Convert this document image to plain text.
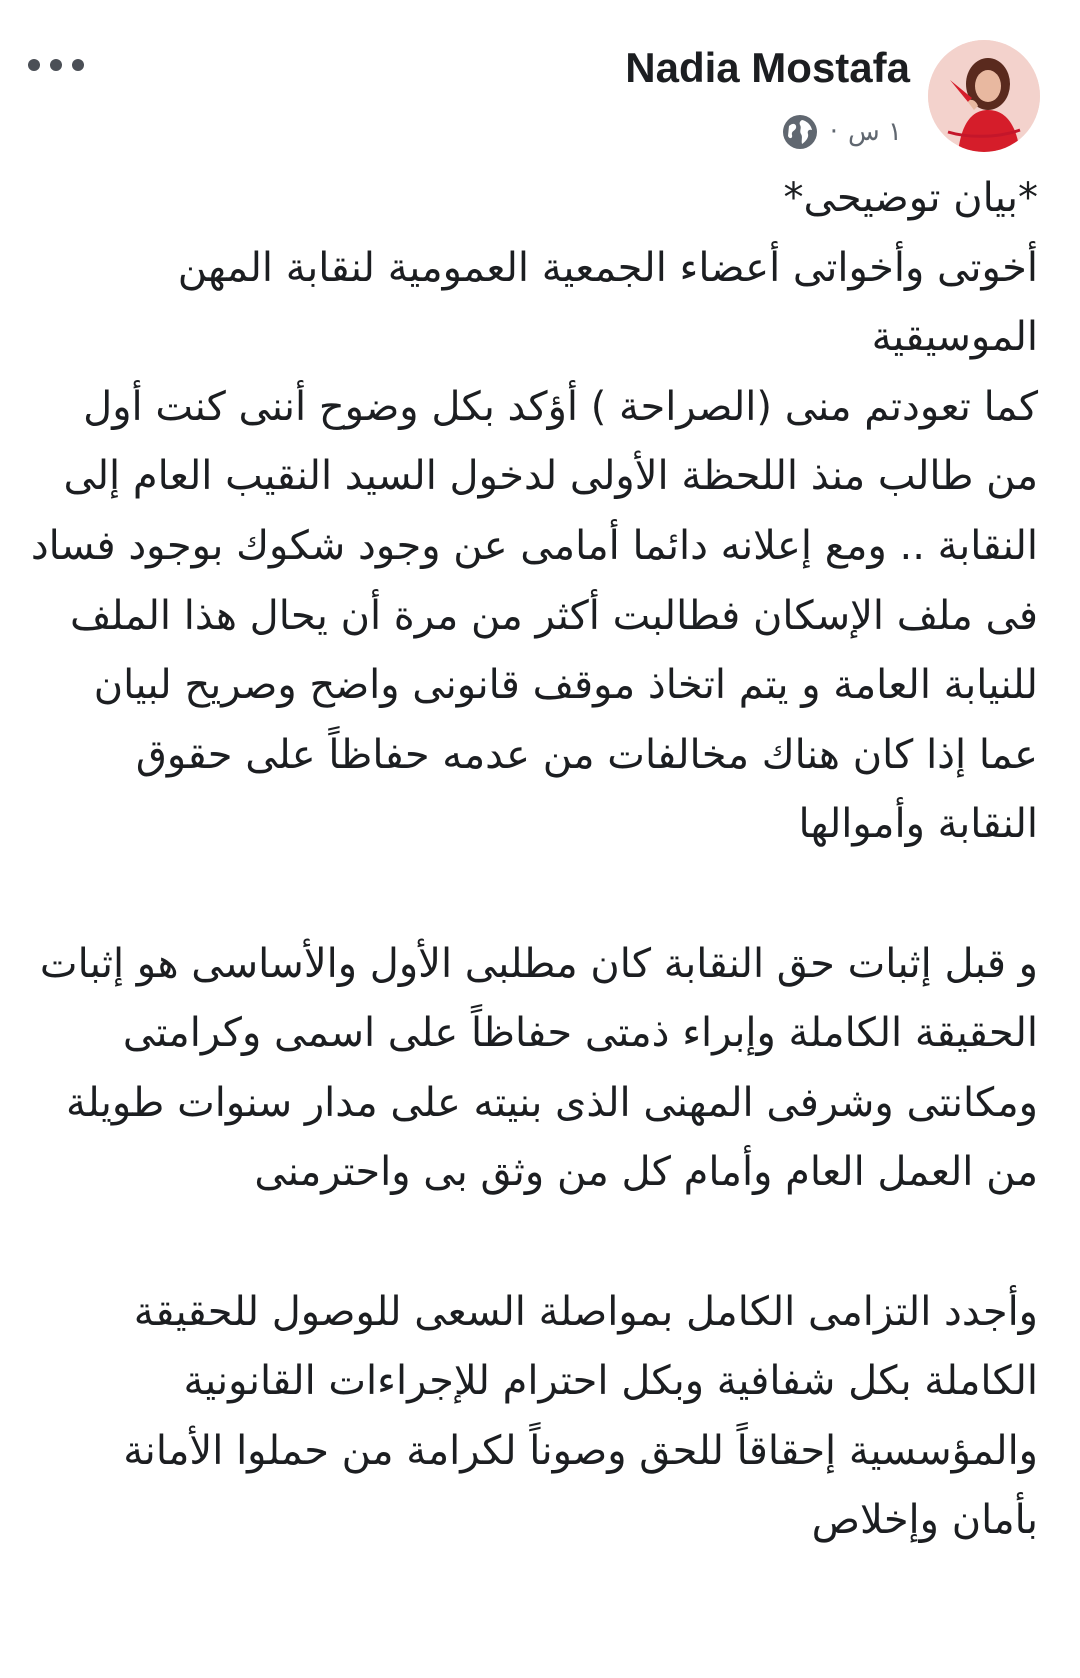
Nadia Mostafa
١ س
·

*بيان توضيحى*
أخوتى وأخواتى أعضاء الجمعية العمومية لنقابة المهن الموسيقية
كما تعودتم منى (الصراحة ) أؤكد بكل وضوح أننى كنت أول من طالب منذ اللحظة الأولى لدخول السيد النقيب العام إلى النقابة .. ومع إعلانه دائما أمامى عن وجود شكوك بوجود فساد فى ملف الإسكان فطالبت أكثر من مرة أن يحال هذا الملف للنيابة العامة و يتم اتخاذ موقف قانونى واضح وصريح لبيان عما إذا كان هناك مخالفات من عدمه حفاظاً على حقوق النقابة وأموالها

و قبل إثبات حق النقابة كان مطلبى الأول والأساسى هو إثبات الحقيقة الكاملة وإبراء ذمتى حفاظاً على اسمى وكرامتى ومكانتى وشرفى المهنى الذى بنيته على مدار سنوات طويلة من العمل العام وأمام كل من وثق بى واحترمنى

وأجدد التزامى الكامل بمواصلة السعى للوصول للحقيقة الكاملة بكل شفافية وبكل احترام للإجراءات القانونية والمؤسسية إحقاقاً للحق وصوناً لكرامة من حملوا الأمانة بأمان وإخلاص
